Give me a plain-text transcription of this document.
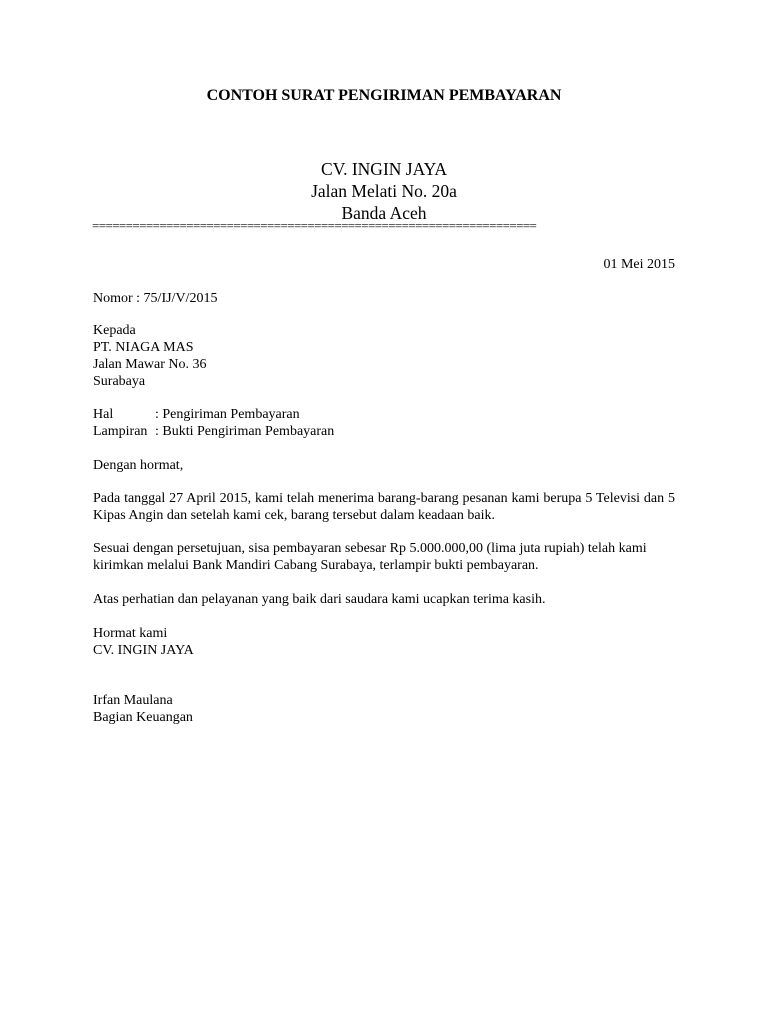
CONTOH SURAT PENGIRIMAN PEMBAYARAN
CV. INGIN JAYA
Jalan Melati No. 20a
Banda Aceh
==================================================================
01 Mei 2015
Nomor : 75/IJ/V/2015
Kepada
PT. NIAGA MAS
Jalan Mawar No. 36
Surabaya
Hal	: Pengiriman Pembayaran
Lampiran : Bukti Pengiriman Pembayaran
Dengan hormat,
Pada tanggal 27 April 2015, kami telah menerima barang-barang pesanan kami berupa 5 Televisi dan 5 Kipas Angin dan setelah kami cek, barang tersebut dalam keadaan baik.
Sesuai dengan persetujuan, sisa pembayaran sebesar Rp 5.000.000,00 (lima juta rupiah) telah kami kirimkan melalui Bank Mandiri Cabang Surabaya, terlampir bukti pembayaran.
Atas perhatian dan pelayanan yang baik dari saudara kami ucapkan terima kasih.
Hormat kami
CV. INGIN JAYA
Irfan Maulana
Bagian Keuangan
